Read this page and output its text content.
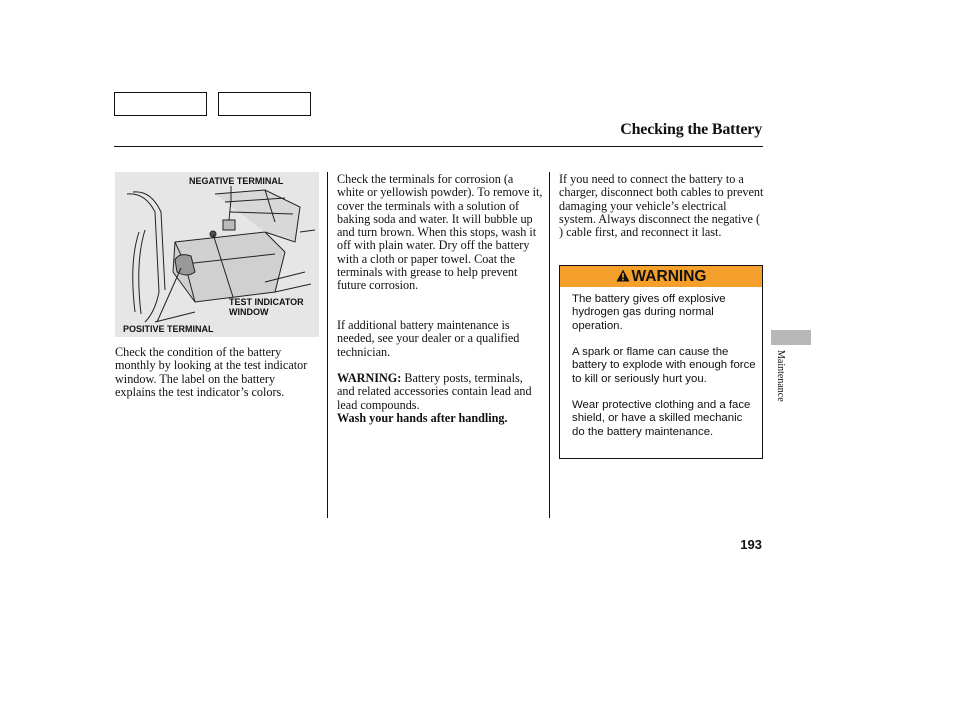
Checking the Battery
NEGATIVE TERMINAL
TEST INDICATOR
WINDOW
POSITIVE TERMINAL

Check the condition of the battery monthly by looking at the test indicator window. The label on the battery explains the test indicator’s colors.

Check the terminals for corrosion (a white or yellowish powder). To remove it, cover the terminals with a solution of baking soda and water. It will bubble up and turn brown. When this stops, wash it off with plain water. Dry off the battery with a cloth or paper towel. Coat the terminals with grease to help prevent future corrosion.

If additional battery maintenance is needed, see your dealer or a qualified technician.

WARNING: Battery posts, terminals, and related accessories contain lead and lead compounds.
Wash your hands after handling.

If you need to connect the battery to a charger, disconnect both cables to prevent damaging your vehicle’s electrical system. Always disconnect the negative ( ) cable first, and reconnect it last.

WARNING

The battery gives off explosive hydrogen gas during normal operation.

A spark or flame can cause the battery to explode with enough force to kill or seriously hurt you.

Wear protective clothing and a face shield, or have a skilled mechanic do the battery maintenance.

Maintenance
193
